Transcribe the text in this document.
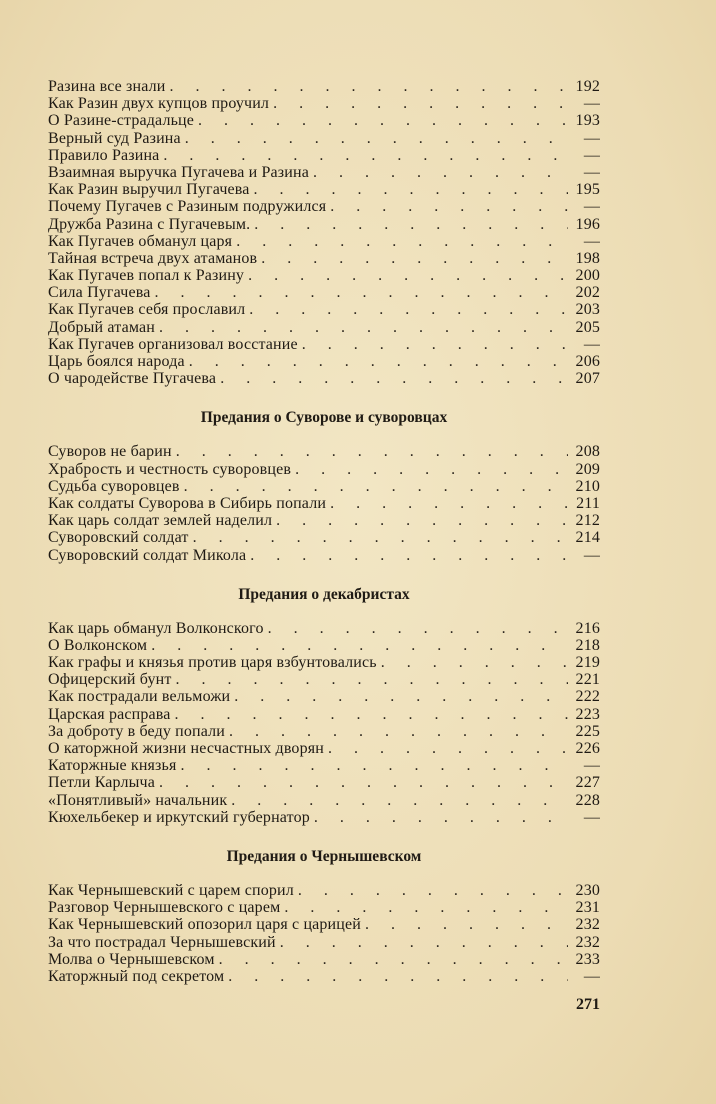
Разина все знали . . .	192
Как Разин двух купцов проучил . . .	—
О Разине-страдальце . . .	193
Верный суд Разина . . .	—
Правило Разина . . .	—
Взаимная выручка Пугачева и Разина . . .	—
Как Разин выручил Пугачева . . .	195
Почему Пугачев с Разиным подружился . . .	—
Дружба Разина с Пугачевым. . . .	196
Как Пугачев обманул царя . . .	—
Тайная встреча двух атаманов . . .	198
Как Пугачев попал к Разину . . .	200
Сила Пугачева . . .	202
Как Пугачев себя прославил . . .	203
Добрый атаман . . .	205
Как Пугачев организовал восстание . . .	—
Царь боялся народа . . .	206
О чародействе Пугачева . . .	207
Предания о Суворове и суворовцах
Суворов не барин . . .	208
Храбрость и честность суворовцев . . .	209
Судьба суворовцев . . .	210
Как солдаты Суворова в Сибирь попали . . .	211
Как царь солдат землей наделил . . .	212
Суворовский солдат . . .	214
Суворовский солдат Микола . . .	—
Предания о декабристах
Как царь обманул Волконского . . .	216
О Волконском . . .	218
Как графы и князья против царя взбунтовались . . .	219
Офицерский бунт . . .	221
Как пострадали вельможи . . .	222
Царская расправа . . .	223
За доброту в беду попали . . .	225
О каторжной жизни несчастных дворян . . .	226
Каторжные князья . . .	—
Петли Карлыча . . .	227
«Понятливый» начальник . . .	228
Кюхельбекер и иркутский губернатор . . .	—
Предания о Чернышевском
Как Чернышевский с царем спорил . . .	230
Разговор Чернышевского с царем . . .	231
Как Чернышевский опозорил царя с царицей . . .	232
За что пострадал Чернышевский . . .	232
Молва о Чернышевском . . .	233
Каторжный под секретом . . .	—
271
